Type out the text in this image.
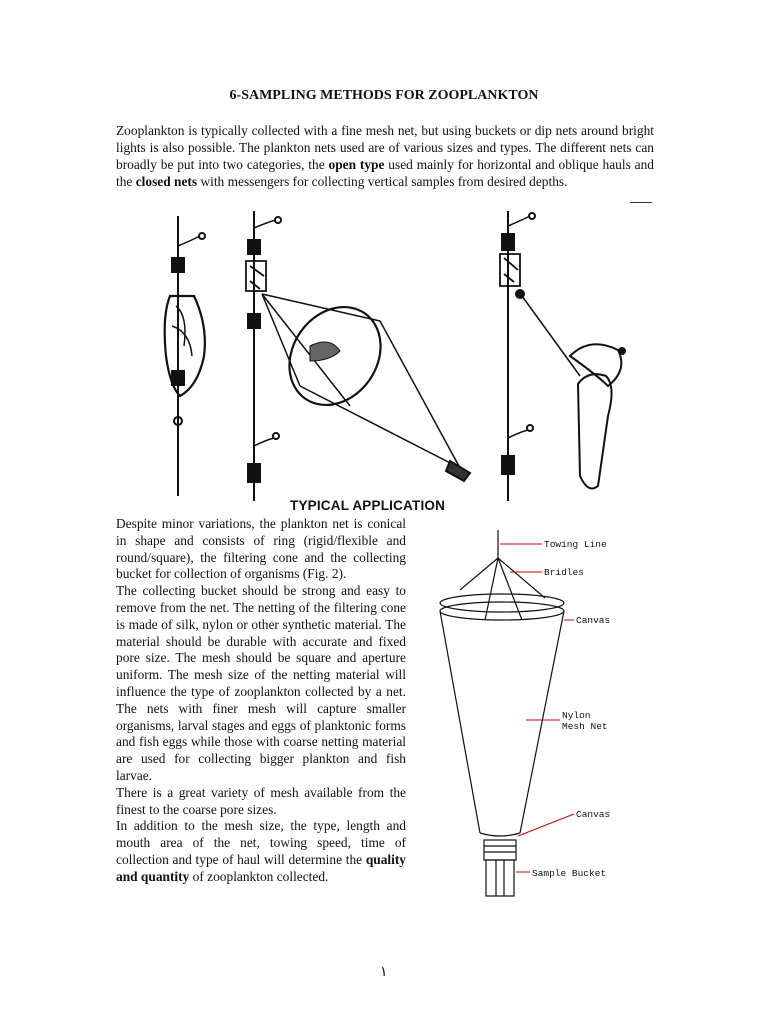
6-SAMPLING METHODS FOR ZOOPLANKTON
Zooplankton is typically collected with a fine mesh net, but using buckets or dip nets around bright lights is also possible. The plankton nets used are of various sizes and types. The different nets can broadly be put into two categories, the open type used mainly for horizontal and oblique hauls and the closed nets with messengers for collecting vertical samples from desired depths.
TYPICAL APPLICATION

Despite minor variations, the plankton net is conical in shape and consists of ring (rigid/flexible and round/square), the filtering cone and the collecting bucket for collection of organisms (Fig. 2).

The collecting bucket should be strong and easy to remove from the net. The netting of the filtering cone is made of silk, nylon or other synthetic material. The material should be durable with accurate and fixed pore size. The mesh should be square and aperture uniform. The mesh size of the netting material will influence the type of zooplankton collected by a net. The nets with finer mesh will capture smaller organisms, larval stages and eggs of planktonic forms and fish eggs while those with coarse netting material are used for collecting bigger plankton and fish larvae.

There is a great variety of mesh available from the finest to the coarse pore sizes.

In addition to the mesh size, the type, length and mouth area of the net, towing speed, time of collection and type of haul will determine the quality and quantity of zooplankton collected.

Towing Line
Bridles
Canvas
Nylon
Mesh Net
Canvas
Sample Bucket
١
